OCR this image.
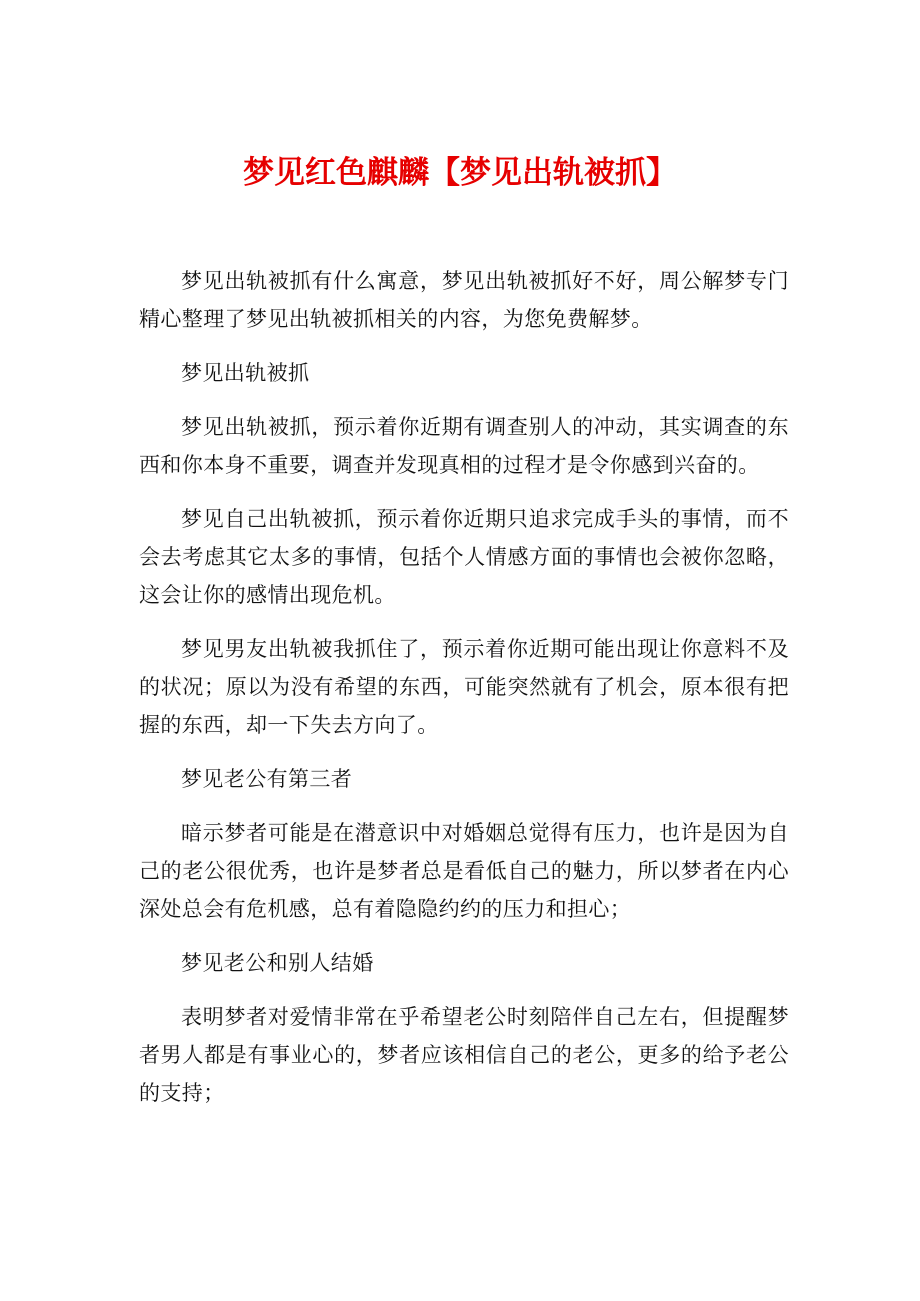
梦见红色麒麟【梦见出轨被抓】

梦见出轨被抓有什么寓意，梦见出轨被抓好不好，周公解梦专门精心整理了梦见出轨被抓相关的内容，为您免费解梦。

梦见出轨被抓

梦见出轨被抓，预示着你近期有调查别人的冲动，其实调查的东西和你本身不重要，调查并发现真相的过程才是令你感到兴奋的。

梦见自己出轨被抓，预示着你近期只追求完成手头的事情，而不会去考虑其它太多的事情，包括个人情感方面的事情也会被你忽略，这会让你的感情出现危机。

梦见男友出轨被我抓住了，预示着你近期可能出现让你意料不及的状况；原以为没有希望的东西，可能突然就有了机会，原本很有把握的东西，却一下失去方向了。

梦见老公有第三者

暗示梦者可能是在潜意识中对婚姻总觉得有压力，也许是因为自己的老公很优秀，也许是梦者总是看低自己的魅力，所以梦者在内心深处总会有危机感，总有着隐隐约约的压力和担心；

梦见老公和别人结婚

表明梦者对爱情非常在乎希望老公时刻陪伴自己左右，但提醒梦者男人都是有事业心的，梦者应该相信自己的老公，更多的给予老公的支持；
